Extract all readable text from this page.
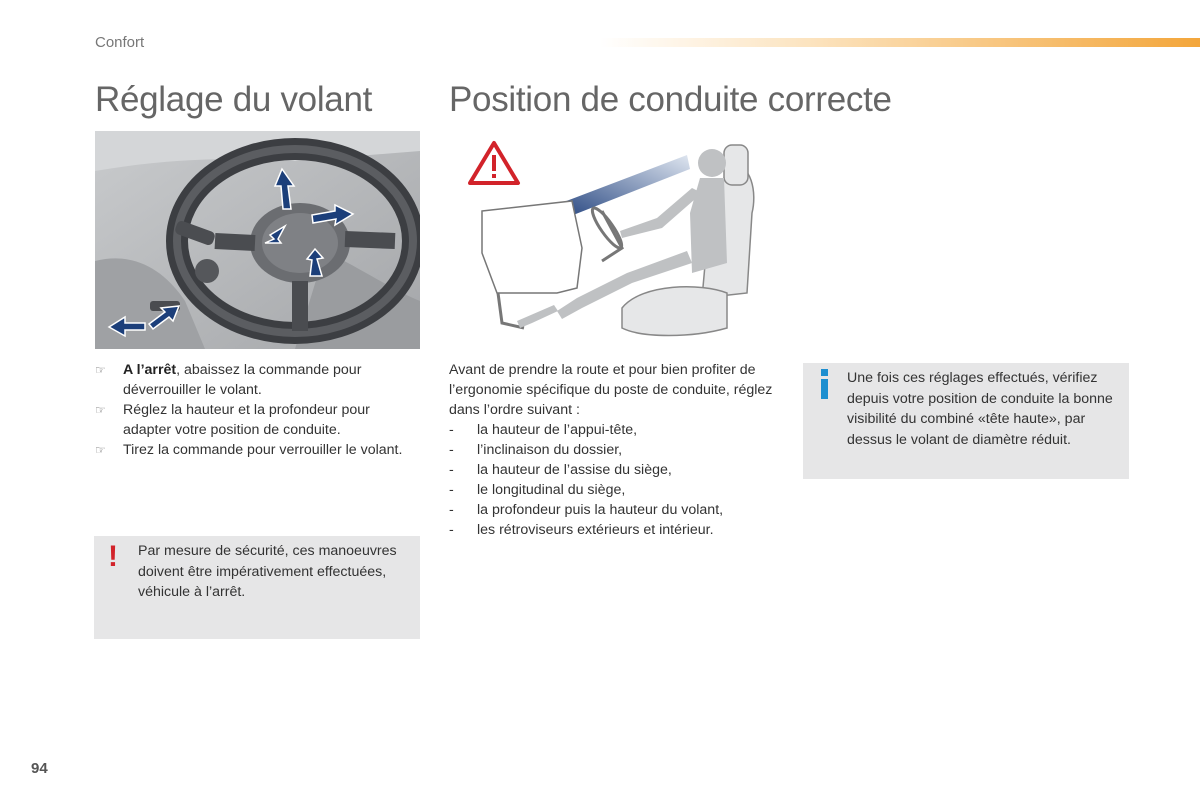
Confort
Réglage du volant Position de conduite correcte
☞ A l’arrêt, abaissez la commande pour déverrouiller le volant.
☞ Réglez la hauteur et la profondeur pour adapter votre position de conduite.
☞ Tirez la commande pour verrouiller le volant.
! Par mesure de sécurité, ces manoeuvres doivent être impérativement effectuées, véhicule à l’arrêt.
Avant de prendre la route et pour bien profiter de l’ergonomie spécifique du poste de conduite, réglez dans l’ordre suivant :
- la hauteur de l’appui-tête,
- l’inclinaison du dossier,
- la hauteur de l’assise du siège,
- le longitudinal du siège,
- la profondeur puis la hauteur du volant,
- les rétroviseurs extérieurs et intérieur.
Une fois ces réglages effectués, vérifiez depuis votre position de conduite la bonne visibilité du combiné «tête haute», par dessus le volant de diamètre réduit.
94
